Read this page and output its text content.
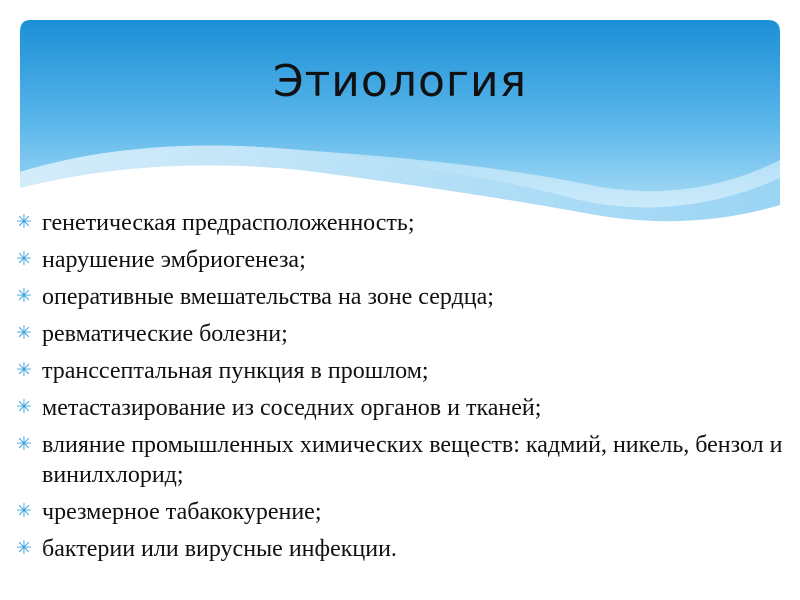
Этиология
✳ генетическая предрасположенность;
✳ нарушение эмбриогенеза;
✳ оперативные вмешательства на зоне сердца;
✳ ревматические болезни;
✳ транссептальная пункция в прошлом;
✳ метастазирование из соседних органов и тканей;
✳ влияние промышленных химических веществ: кадмий, никель, бензол и винилхлорид;
✳ чрезмерное табакокурение;
✳ бактерии или вирусные инфекции.
